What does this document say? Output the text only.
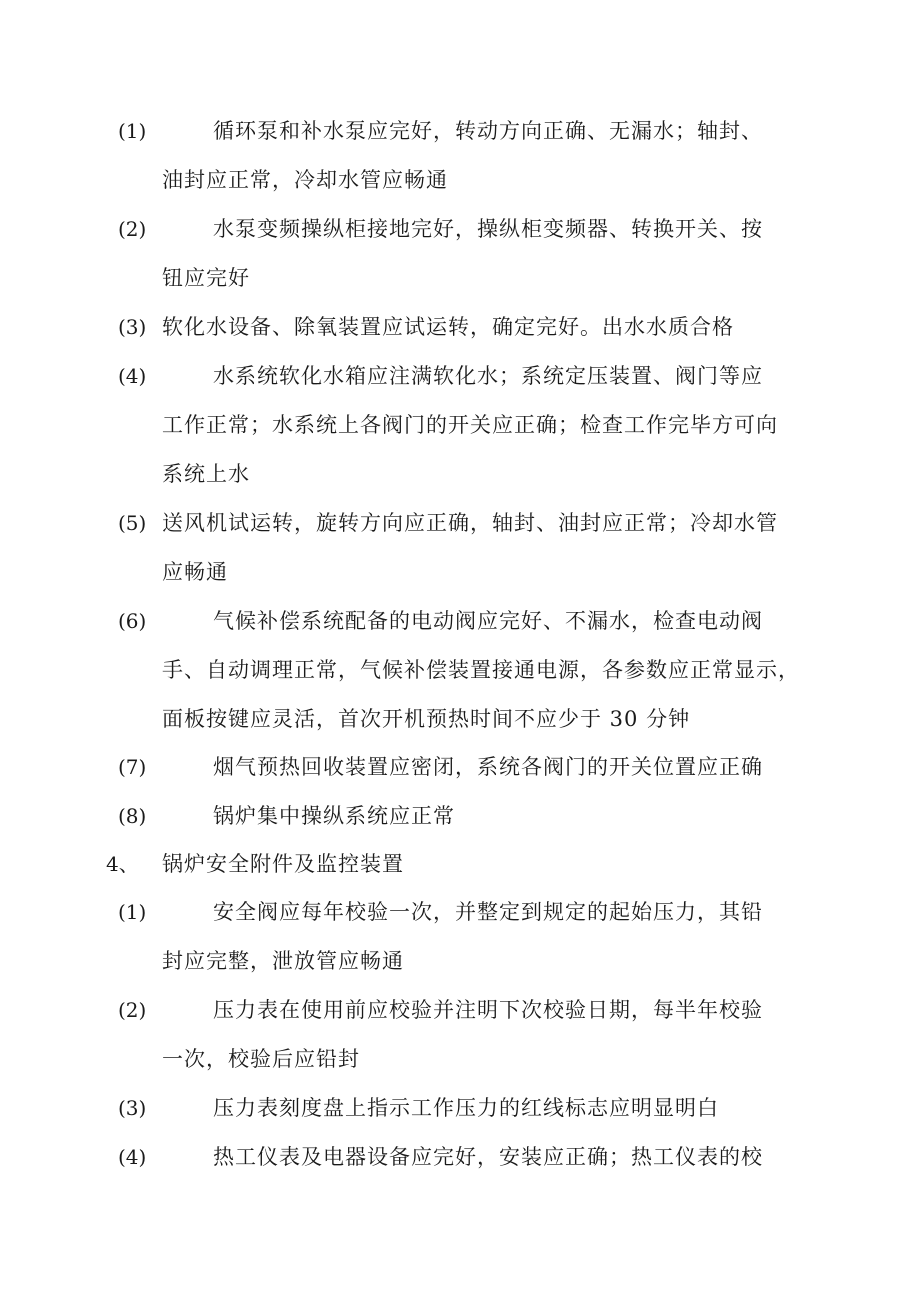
(1)	循环泵和补水泵应完好，转动方向正确、无漏水；轴封、
油封应正常，冷却水管应畅通
(2)	水泵变频操纵柜接地完好，操纵柜变频器、转换开关、按
钮应完好
(3) 软化水设备、除氧装置应试运转，确定完好。出水水质合格
(4)	水系统软化水箱应注满软化水；系统定压装置、阀门等应
工作正常；水系统上各阀门的开关应正确；检查工作完毕方可向
系统上水
(5) 送风机试运转，旋转方向应正确，轴封、油封应正常；冷却水管
应畅通
(6)	气候补偿系统配备的电动阀应完好、不漏水，检查电动阀
手、自动调理正常，气候补偿装置接通电源，各参数应正常显示，
面板按键应灵活，首次开机预热时间不应少于 30 分钟
(7)	烟气预热回收装置应密闭，系统各阀门的开关位置应正确
(8)	锅炉集中操纵系统应正常
4、 锅炉安全附件及监控装置
(1)	安全阀应每年校验一次，并整定到规定的起始压力，其铅
封应完整，泄放管应畅通
(2)	压力表在使用前应校验并注明下次校验日期，每半年校验
一次，校验后应铅封
(3)	压力表刻度盘上指示工作压力的红线标志应明显明白
(4)	热工仪表及电器设备应完好，安装应正确；热工仪表的校
